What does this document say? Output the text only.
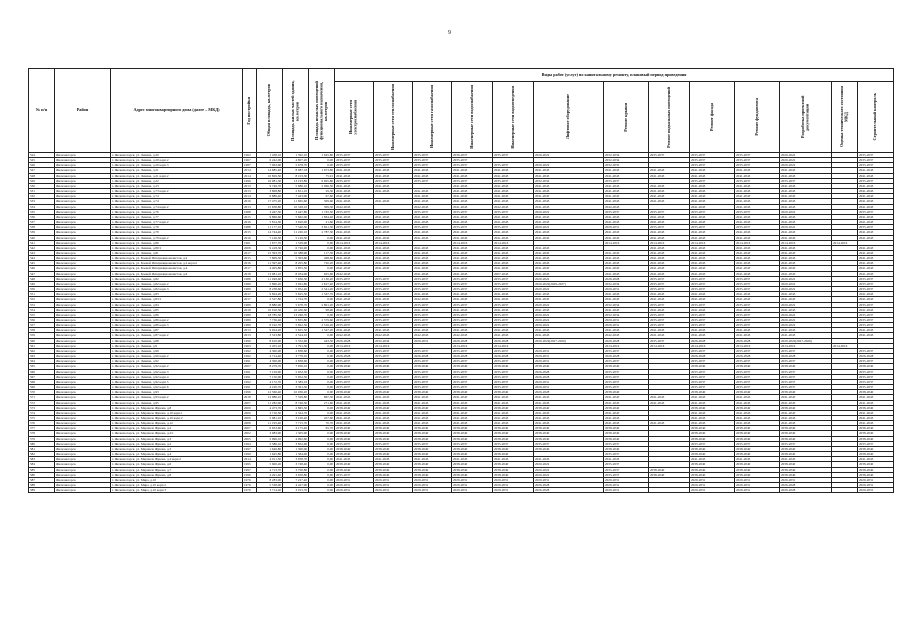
9
№ п/п	Район	Адрес многоквартирного дома (далее – МКД)	Год постройки	Общая площадь, кв.метров	Площадь жилых частей здания, кв.метров	Площадь нежилых помещений функционального назначения, кв.метров	Виды работ (услуг) по капитальному ремонту, плановый период проведения												

							Инженерные сети электроснабжения	Инженерные сети теплоснабжения	Инженерные сети газоснабжения	Инженерные сети водоснабжения	Инженерные сети водоотведения	Лифтовое оборудование	Ремонт крыши	Ремонт подвальных помещений	Ремонт фасада	Ремонт фундамента	Разработка проектной документации	Оценка технического состояния МКД	Строительный контроль

524	Железногорск	г. Железногорск, ул. Ленина, д.20	1962	1 438,10	1 392,10	1 645,80	2035-2037	2035-2037	2035-2037	2036-2037	2035-2037	2020-2022	2032-2034	2035-2037	2035-2037	2035-2037	2020-2022		2035-2037
525	Железногорск	г. Железногорск, ул. Ленина, д.20 корп.2	1967	6 242,00	4 807,20	0,00	2035-2037	2035-2037	2035-2037	2035-2037			2032-2034		2035-2037	2035-2037	2020-2022		2035-2037
526	Железногорск	г. Железногорск, ул. Ленина, д.20 корп.3	1987	7 063,60	5 678,70	0,00	2035-2037	2035-2037	2035-2037	2035-2037	2035-2037	2020-2022	2032-2035		2035-2037	2035-2037	2020-2022		2035-2037
527	Железногорск	г. Железногорск, ул. Ленина, д.21	2014	14 685,40	8 987,18	1 673,80	2041-2043	2041-2043	2041-2043	2041-2043	2041-2043	2041-2043	2041-2043	2041-2043	2041-2043	2041-2043	2041-2043		2041-2043
528	Железногорск	г. Железногорск, ул. Ленина, д.21 корп.2	2014	10 829,50	8 103,30	75,91	2041-2043	2041-2043	2041-2043	2041-2043	2041-2043	2041-2043	2041-2043	2041-2043	2041-2043	2041-2043	2041-2043		2041-2043
529	Железногорск	г. Железногорск, ул. Ленина, д.22	1996	16 081,30	13 193,80	6 695,80	2035-2037	2035-2037	2035-2037	2035-2037	2035-2037	2032-2034	2035-2037		2035-2037	2035-2037	2035-2037		2035-2037
530	Железногорск	г. Железногорск, ул. Ленина, д.23	2013	9 749,70	5 686,10	2 066,50	2041-2043	2041-2043		2041-2043	2041-2043	2041-2043	2041-2043	2041-2043	2041-2043	2041-2043	2041-2043		2041-2043
531	Железногорск	г. Железногорск, ул. Ленина, д.73 корп.2	2013	3 808,80	2 651,10	29,30	2041-2043	2041-2043	2041-2043	2041-2043	2041-2043	2041-2043	2041-2043	2041-2043	2041-2043	2041-2043	2041-2043		2041-2043
532	Железногорск	г. Железногорск, ул. Ленина, д.74	2014	9 889,40	7 423,00	97,60	2041-2043		2041-2043	2041-2043	2041-2043	2041-2043	2041-2043	2041-2043	2041-2043	2041-2043	2041-2043		2041-2043
533	Железногорск	г. Железногорск, ул. Ленина, д.74	2016	17 475,20	11 665,60	309,60	2041-2043	2041-2043	2041-2043	2041-2043	2041-2043	2041-2043	2041-2043	2041-2043	2041-2043	2041-2043	2041-2043		2041-2043
534	Железногорск	г. Железногорск, ул. Ленина, д.74 корп.2	2013	15 658,80	10 528,10	309,30	2042-2043		2042-2043	2041-2043	2042-2043	2041-2043	2042-2043		2041-2043	2041-2043	2041-2043		2041-2043
535	Железногорск	г. Железногорск, ул. Ленина, д.76	1988	3 447,50	3 447,80	1 745,50	2035-2037	2035-2037	2035-2037	2035-2037	2035-2037	2020-2022	2035-2037	2035-2037	2035-2037	2035-2037	2020-2022		2035-2037
536	Железногорск	г. Железногорск, ул. Ленина, д.77	2015	9 866,60	5 662,00	1 864,40	2041-2043	2041-2043	2041-2043	2041-2043	2041-2043	2041-2043	2041-2043	2041-2043	2041-2043	2041-2043	2041-2043		2041-2043
537	Железногорск	г. Железногорск, ул. Ленина, д.77 корп.2	2016	5 814,30	3 620,00	21,60	2041-2043	2041-2043	2041-2043	2041-2043	2041-2043	2041-2043	2041-2043	2041-2043	2041-2043	2041-2043	2041-2043		2041-2043
538	Железногорск	г. Железногорск, ул. Ленина, д.78	1988	11 177,10	7 540,50	3 821,50	2035-2037	2035-2037	2035-2037	2035-2037	2035-2037	2020-2022	2029-2031	2035-2037	2035-2037	2035-2037	2020-2022		2035-2037
539	Железногорск	г. Железногорск, ул. Ленина, д.79	2015	14 744,40	11 220,10	2 787,30	2041-2043	2041-2043	2041-2043	2041-2043	2041-2043	2041-2043	2041-2043	2041-2043	2041-2043	2041-2043	2041-2043		2041-2043
540	Железногорск	г. Железногорск, ул. Ленина, д.79 корп.2	2016	7 126,30	5 129,30	0,00	2041-2043	2041-2043	2041-2043	2041-2043	2041-2043	2041-2043	2041-2043	2041-2043	2041-2043	2041-2043	2041-2043		2041-2043
541	Железногорск	г. Железногорск, ул. Ленина, д.80	1961	1 677,70	1 529,90	0,00	2014-2016	2014-2016		2014-2016	2014-2016		2014-2016	2014-2016	2014-2016	2014-2016	2014-2016	2014-2016	
542	Железногорск	г. Железногорск, ул. Ленина, д.80/1	2008	9 418,30	6 726,90	0,00	2041-2043	2041-2043	2041-2043	2041-2043	2041-2043	2041-2043		2041-2043	2041-2043	2041-2043	2041-2043		2041-2043
543	Железногорск	г. Железногорск, ул. Ленина, д.81	2017	15 393,70	10 388,90	117,30	2041-2043	2041-2043	2041-2043	2041-2043	2041-2043	2041-2043	2041-2043	2041-2043	2041-2043	2041-2043	2041-2043		2041-2043
544	Железногорск	г. Железногорск, ул. Боевой Интернационалистов, д.2	2015	7 809,50	5 303,60	468,60	2041-2043	2041-2043	2041-2043	2041-2043	2041-2043	2041-2043	2041-2043	2041-2043	2041-2043	2041-2043	2041-2043		2041-2043
545	Железногорск	г. Железногорск, ул. Боевой Интернационалистов, д.2 корп.2	2016	11 597,40	8 205,80	720,20	2041-2043	2041-2043	2041-2043	2041-2043	2041-2043	2041-2043	2041-2043	2041-2043	2041-2043	2041-2043	2041-2043		2041-2043
546	Железногорск	г. Железногорск, ул. Боевой Интернационалистов, д.4	2017	4 405,80	2 855,50	0,00	2041-2043	2041-2043	2041-2043	2041-2043	2041-2043	2041-2043	2041-2043	2041-2043	2041-2043	2041-2043	2041-2043		2041-2043
547	Железногорск	г. Железногорск, ул. Боевой Интернационалистов, д.6	2018	13 081,10	8 034,90	925,60	2042-2043		2041-2043	2041-2043	2007-2043	2041-2043	2041-2043	2041-2043	2041-2043	2041-2043	2041-2043		2041-2043
548	Железногорск	г. Железногорск, ул. Ленина, д.82	1988	11 049,60	7 636,30	2 130,20	2035-2037	2035-2037	2035-2037	2035-2037	2035-2037	2020-2022	2026-2028	2035-2037	2035-2037	2035-2037	2020-2022		2035-2037
549	Железногорск	г. Железногорск, ул. Ленина, д.82 корп.2	1989	5 860,20	3 922,80	1 817,40	2035-2037	2035-2037	2035-2037	2035-2037	2035-2037	2020-2022(2026-2027)	2032-2034	2035-2037	2035-2037	2035-2037	2020-2022		2035-2037
550	Железногорск	г. Железногорск, ул. Ленина, д.82 корп.3	1989	8 238,60	5 952,40	2 541,20	2035-2037	2035-2037	2035-2037	2035-2037	2035-2037	2020-2022	2029-2031	2035-2037	2035-2037	2035-2037	2020-2022		2035-2037
551	Железногорск	г. Железногорск, ул. Ленина, д.83	2017	9 824,20	5 625,50	1 547,70	2041-2043	2041-2043	2041-2043	2041-2043	2041-2043	2041-2043	2041-2043	2041-2043	2041-2043	2041-2043	2041-2043		2041-2043
552	Железногорск	г. Железногорск, ул. Ленина, д.83/1	2017	2 527,80	1 724,70	0,00	2041-2043	2041-2043	2042-2043	2041-2043	2041-2043	2041-2043	2041-2043	2041-2043	2041-2043	2041-2043	2041-2043		2041-2043
553	Железногорск	г. Железногорск, ул. Ленина, д.84	1989	8 880,90	5 678,70	2 801,20	2035-2037	2035-2037	2035-2037	2035-2037	2035-2037	2020-2022	2032-2034	2035-2037	2035-2037	2035-2037	2020-2022		2035-2037
554	Железногорск	г. Железногорск, ул. Ленина, д.85	2018	10 010,30	10 430,60	98,90	2041-2043	2041-2043	2041-2043	2041-2043	2041-2043	2041-2043	2041-2043	2041-2043	2041-2043	2041-2043	2041-2043		2041-2043
555	Железногорск	г. Железногорск, ул. Ленина, д.86	1989	18 785,30	13 266,70	0,00	2035-2037	2035-2037	2035-2037	2035-2037	2035-2037	2020-2022	2032-2034	2035-2037	2035-2037	2035-2037	2020-2022		2035-2037
556	Железногорск	г. Железногорск, ул. Ленина, д.86 корп.2	1989	7 736,40	5 835,80	2 579,60	2035-2037	2035-2037	2035-2037	2035-2037	2035-2037	2020-2022	2029-2031	2035-2037	2035-2037	2035-2037	2020-2022		2035-2037
557	Железногорск	г. Железногорск, ул. Ленина, д.86 корп.3	1989	8 192,70	5 822,50	2 516,20	2035-2037	2035-2037	2035-2037	2035-2037	2035-2037	2020-2022	2029-2031	2035-2037	2035-2037	2035-2037	2020-2022		2035-2037
558	Железногорск	г. Железногорск, ул. Ленина, д.87	2013	9 924,20	5 625,50	1 547,20	2041-2043	2041-2043	2041-2043	2041-2043	2041-2043	2041-2043	2041-2043	2041-2043	2041-2043	2041-2043	2041-2043		2041-2043
559	Железногорск	г. Железногорск, ул. Ленина, д.87 корп.2	2013	3 523,80	2 524,10	0,00	2042-2043	2042-2043	2042-2043	2042-2043	2041-2043	2041-2043	2042-2043	2041-2043	2041-2043	2041-2043	2041-2043		2041-2043
560	Железногорск	г. Железногорск, ул. Ленина, д.88	1990	8 610,90	5 352,60	443,50	2026-2028	2032-2034	2029-2031	2026-2028	2026-2028	2020-2022(2027-2029)	2026-2028	2035-2037	2026-2028	2026-2028	2020-2022(2027-2029)		
561	Железногорск	г. Железногорск, ул. Ленина, д.9	1963	2 455,10	1 791,30	0,00	2014-2016	2014-2016		2014-2016	2014-2016		2014-2016	2014-2016	2014-2016	2014-2016	2014-2016	2014-2016	
562	Железногорск	г. Железногорск, ул. Ленина, д.90	1992	4 300,00	2 838,60	0,00	2035-2037	2035-2037	2035-2037	2035-2037	2035-2037	2029-2031	2035-2037		2035-2037	2035-2037	2035-2037		2035-2037
563	Железногорск	г. Железногорск, ул. Ленина, д.90 корп.2	1992	4 714,40	3 779,10	0,00	2026-2028	2035-2037	2026-2028	2026-2028	2026-2028	2029-2031	2026-2028		2026-2028	2026-2028	2026-2028		2026-2028
564	Железногорск	г. Железногорск, ул. Ленина, д.92	1991	4 300,00	2 838,60	0,00	2035-2037	2035-2037	2035-2037	2035-2037	2035-2037	2029-2031	2035-2037		2035-2037	2035-2037	2035-2037		2035-2037
565	Железногорск	г. Железногорск, ул. Ленина, д.92 корп.2	2007	8 279,70	7 956,10	0,00	2038-2040	2038-2040	2038-2040	2038-2040	2038-2040	2038-2040	2038-2040		2038-2040	2038-2040	2038-2040		2038-2040
566	Железногорск	г. Железногорск, ул. Ленина, д.92 корп.3	1991	7 129,90	5 952,50	0,00	2035-2037	2035-2037	2035-2037	2035-2037	2035-2037	2026-2028	2035-2037		2035-2037	2035-2037	2035-2037		2035-2037
567	Железногорск	г. Железногорск, ул. Ленина, д.92 корп.4	1991	7 150,90	5 952,50	0,00	2035-2037	2035-2037	2035-2037	2035-2037	2035-2037	2026-2028	2035-2037		2035-2037	2035-2037	2035-2037		2035-2037
568	Железногорск	г. Железногорск, ул. Ленина, д.92 корп.5	1992	4 172,70	3 383,10	0,00	2035-2037	2035-2037	2035-2037	2035-2037	2035-2037	2029-2031	2035-2037		2035-2037	2035-2037	2035-2037		2035-2037
569	Железногорск	г. Железногорск, ул. Ленина, д.92 корп.6	1991	4 190,70	3 391,30	0,00	2035-2037	2035-2037	2035-2037	2035-2037	2035-2037	2029-2031	2035-2037		2035-2037	2035-2037	2035-2037		2035-2037
570	Железногорск	г. Железногорск, ул. Ленина, д.93	1996	12 560,40	10 036,20	0,00	2038-2040	2038-2040	2038-2040	2038-2040	2038-2040	2026-2028	2038-2040		2038-2040	2038-2040	2038-2040		2038-2040
571	Железногорск	г. Железногорск, ул. Ленина, д.93 корп.2	2018	12 986,10	7 329,80	867,30	2041-2043	2041-2043	2041-2043	2041-2043	2041-2043	2041-2043	2041-2043	2041-2043	2041-2043	2041-2043	2041-2043		2041-2043
572	Железногорск	г. Железногорск, ул. Ленина, д.95	2007	11 282,00	8 746,30	271,60	2041-2043	2041-2043	2041-2043	2041-2043	2041-2043	2041-2043	2041-2043	2041-2043	2041-2043	2041-2043	2041-2043		2041-2043
573	Железногорск	г. Железногорск, ул. Маршала Жукова, д.8	2009	4 473,70	2 865,50	0,00	2038-2040	2038-2040	2038-2040	2038-2040	2038-2040	2038-2040	2038-2040		2038-2040	2038-2040	2038-2040		2038-2040
574	Железногорск	г. Железногорск, ул. Маршала Жукова, д.10 корп.1	2009	3 710,50	2 324,70	0,00	2041-2043	2041-2043	2041-2043	2041-2043	2041-2043	2041-2043	2041-2043		2041-2043	2041-2043	2041-2043		2041-2043
575	Железногорск	г. Железногорск, ул. Маршала Жукова, д.10 корп.2	2009	5 081,10	3 106,40	457,60	2041-2043	2041-2043	2041-2043	2041-2043	2041-2043	2041-2043	2041-2043		2041-2043	2041-2043	2041-2043		2041-2043
576	Железногорск	г. Железногорск, ул. Маршала Жукова, д.12	2008	11 195,40	7 715,70	70,70	2041-2043	2041-2043	2041-2043	2041-2043	2041-2043	2041-2043	2041-2043	2041-2043	2041-2043	2041-2043	2041-2043		2041-2043
577	Железногорск	г. Железногорск, ул. Маршала Жукова, д.2	2007	6 653,60	4 175,40	65,70	2038-2040	2038-2040	2038-2040	2038-2040	2038-2040	2038-2040	2038-2040		2038-2040	2038-2040	2038-2040		2038-2040
578	Железногорск	г. Железногорск, ул. Маршала Жукова, д.2/1	2002	3 083,00	1 305,90	0,00	2038-2040	2038-2040	2038-2040	2038-2040	2038-2040	2038-2040	2038-2040		2038-2040	2038-2040	2038-2040		2038-2040
579	Железногорск	г. Железногорск, ул. Маршала Жукова, д.3	2005	5 996,10	4 992,60	0,00	2038-2040	2038-2040	2038-2040	2038-2040	2038-2040	2038-2040	2038-2040		2038-2040	2038-2040	2038-2040		2038-2040
580	Железногорск	г. Железногорск, ул. Маршала Жукова, д.2	1994	5 586,10	3 852,60	0,00	2035-2037	2035-2037	2035-2037	2035-2037	2035-2037	2035-2037	2035-2037		2035-2037	2035-2037	2035-2037		2035-2037
581	Железногорск	г. Железногорск, ул. Маршала Жукова, д.3	1997	1 649,80	1 300,00	0,00	2038-2040	2038-2040	2038-2040	2038-2040	2038-2040	2038-2040	2038-2040		2038-2040	2038-2040	2038-2040		2038-2040
582	Железногорск	г. Железногорск, ул. Маршала Жукова, д.4	1999	1 645,80	1 364,00	0,00	2038-2040	2038-2040	2038-2040	2038-2040	2038-2040		2035-2037		2038-2040	2038-2040	2038-2040		2038-2040
583	Железногорск	г. Железногорск, ул. Маршала Жукова, д.4 корп.2	2014	4 911,50	3 958,70	0,00	2041-2043	2041-2043	2041-2043	2041-2043	2041-2043	2041-2043	2041-2043		2041-2043	2041-2043	2041-2043		2041-2043
584	Железногорск	г. Железногорск, ул. Маршала Жукова, д.6	1995	5 600,20	3 748,40	0,00	2038-2040	2038-2040	2038-2040	2038-2040	2038-2040	2020-2022	2035-2037		2038-2040	2038-2040	2038-2040		2038-2040
585	Железногорск	г. Железногорск, ул. Маршала Жукова, д.7	1997	4 713,70	3 700,80	0,00	2038-2040	2038-2040	2038-2040	2038-2040	2038-2040	2020-2022	2035-2037	2038-2040	2038-2040	2038-2040	2038-2040		2038-2040
586	Железногорск	г. Железногорск, ул. Маршала Жукова, д.8	1996	4 291,40	3 658,80	0,00	2035-2037	2038-2040	2038-2040	2038-2040	2038-2040	2020-2022	2035-2037	2038-2040	2038-2040	2038-2040	2038-2040		2038-2040
587	Железногорск	г. Железногорск, ул. Мира, д.10	1976	8 283,00	7 227,40	0,00	2029-2031	2029-2031	2029-2031	2029-2031	2029-2031	2029-2031	2029-2031		2029-2031	2029-2031	2029-2031		2029-2031
588	Железногорск	г. Железногорск, ул. Мира, д.10 корп.2	1976	5 538,00	4 427,90	0,00	2029-2031	2029-2031	2029-2031	2029-2031	2029-2031	2026-2028	2029-2031		2029-2031	2029-2031	2026-2028		2029-2031
589	Железногорск	г. Железногорск, ул. Мира, д.10 корп.3	1976	3 714,40	3 015,70	0,00	2029-2031	2029-2031	2029-2031	2029-2031	2029-2031	2026-2028	2029-2031		2029-2031	2029-2031	2026-2028		2029-2031
